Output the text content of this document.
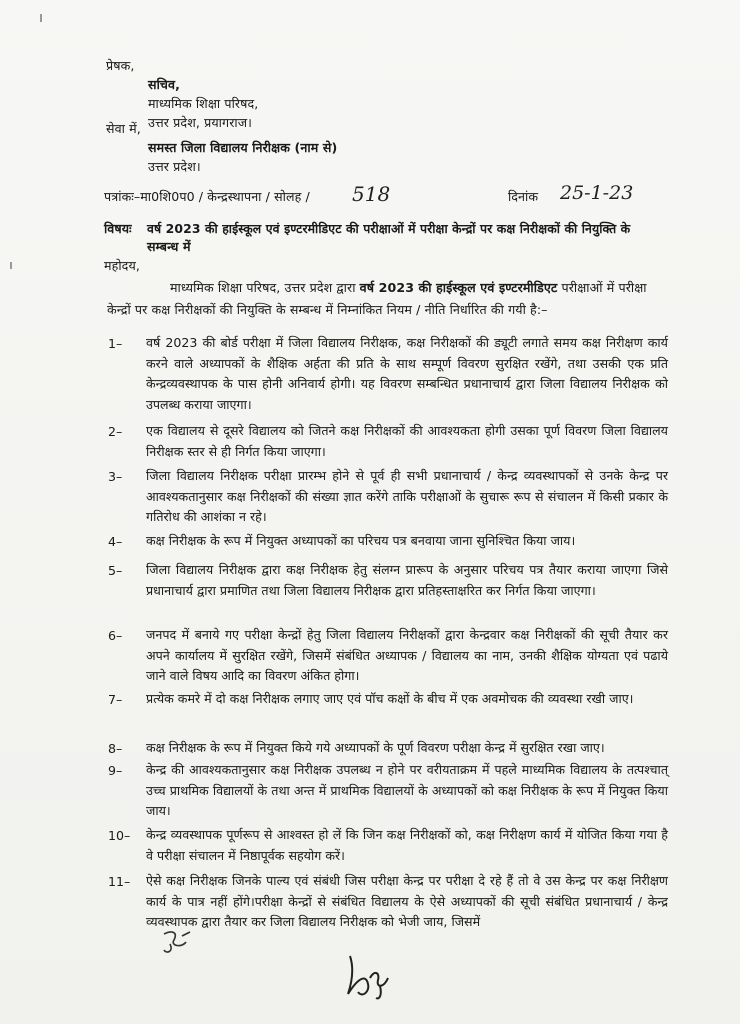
प्रेषक,
सचिव,
माध्यमिक शिक्षा परिषद,
उत्तर प्रदेश, प्रयागराज।
सेवा में,
समस्त जिला विद्यालय निरीक्षक (नाम से)
उत्तर प्रदेश।
पत्रांकः–मा0शि0प0 / केन्द्रस्थापना / सोलह / 518	दिनांक 25-1-23
विषयः वर्ष 2023 की हाईस्कूल एवं इण्टरमीडिएट की परीक्षाओं में परीक्षा केन्द्रों पर कक्ष निरीक्षकों की नियुक्ति के
सम्बन्ध में
महोदय,
माध्यमिक शिक्षा परिषद, उत्तर प्रदेश द्वारा वर्ष 2023 की हाईस्कूल एवं इण्टरमीडिएट परीक्षाओं में परीक्षा
केन्द्रों पर कक्ष निरीक्षकों की नियुक्ति के सम्बन्ध में निम्नांकित नियम / नीति निर्धारित की गयी है:–
1– वर्ष 2023 की बोर्ड परीक्षा में जिला विद्यालय निरीक्षक, कक्ष निरीक्षकों की ड्यूटी लगाते समय कक्ष निरीक्षण कार्य करने वाले अध्यापकों के शैक्षिक अर्हता की प्रति के साथ सम्पूर्ण विवरण सुरक्षित रखेंगे, तथा उसकी एक प्रति केन्द्रव्यवस्थापक के पास होनी अनिवार्य होगी। यह विवरण सम्बन्धित प्रधानाचार्य द्वारा जिला विद्यालय निरीक्षक को उपलब्ध कराया जाएगा।
2– एक विद्यालय से दूसरे विद्यालय को जितने कक्ष निरीक्षकों की आवश्यकता होगी उसका पूर्ण विवरण जिला विद्यालय निरीक्षक स्तर से ही निर्गत किया जाएगा।
3– जिला विद्यालय निरीक्षक परीक्षा प्रारम्भ होने से पूर्व ही सभी प्रधानाचार्य / केन्द्र व्यवस्थापकों से उनके केन्द्र पर आवश्यकतानुसार कक्ष निरीक्षकों की संख्या ज्ञात करेंगे ताकि परीक्षाओं के सुचारू रूप से संचालन में किसी प्रकार के गतिरोध की आशंका न रहे।
4– कक्ष निरीक्षक के रूप में नियुक्त अध्यापकों का परिचय पत्र बनवाया जाना सुनिश्चित किया जाय।
5– जिला विद्यालय निरीक्षक द्वारा कक्ष निरीक्षक हेतु संलग्न प्रारूप के अनुसार परिचय पत्र तैयार कराया जाएगा जिसे प्रधानाचार्य द्वारा प्रमाणित तथा जिला विद्यालय निरीक्षक द्वारा प्रतिहस्ताक्षरित कर निर्गत किया जाएगा।
6– जनपद में बनाये गए परीक्षा केन्द्रों हेतु जिला विद्यालय निरीक्षकों द्वारा केन्द्रवार कक्ष निरीक्षकों की सूची तैयार कर अपने कार्यालय में सुरक्षित रखेंगे, जिसमें संबंधित अध्यापक / विद्यालय का नाम, उनकी शैक्षिक योग्यता एवं पढाये जाने वाले विषय आदि का विवरण अंकित होगा।
7– प्रत्येक कमरे में दो कक्ष निरीक्षक लगाए जाए एवं पॉच कक्षों के बीच में एक अवमोचक की व्यवस्था रखी जाए।
8– कक्ष निरीक्षक के रूप में नियुक्त किये गये अध्यापकों के पूर्ण विवरण परीक्षा केन्द्र में सुरक्षित रखा जाए।
9– केन्द्र की आवश्यकतानुसार कक्ष निरीक्षक उपलब्ध न होने पर वरीयताक्रम में पहले माध्यमिक विद्यालय के तत्पश्चात् उच्च प्राथमिक विद्यालयों के तथा अन्त में प्राथमिक विद्यालयों के अध्यापकों को कक्ष निरीक्षक के रूप में नियुक्त किया जाय।
10– केन्द्र व्यवस्थापक पूर्णरूप से आश्वस्त हो लें कि जिन कक्ष निरीक्षकों को, कक्ष निरीक्षण कार्य में योजित किया गया है वे परीक्षा संचालन में निष्ठापूर्वक सहयोग करें।
11– ऐसे कक्ष निरीक्षक जिनके पाल्य एवं संबंधी जिस परीक्षा केन्द्र पर परीक्षा दे रहे हैं तो वे उस केन्द्र पर कक्ष निरीक्षण कार्य के पात्र नहीं होंगे।परीक्षा केन्द्रों से संबंधित विद्यालय के ऐसे अध्यापकों की सूची संबंधित प्रधानाचार्य / केन्द्र व्यवस्थापक द्वारा तैयार कर जिला विद्यालय निरीक्षक को भेजी जाय, जिसमें
